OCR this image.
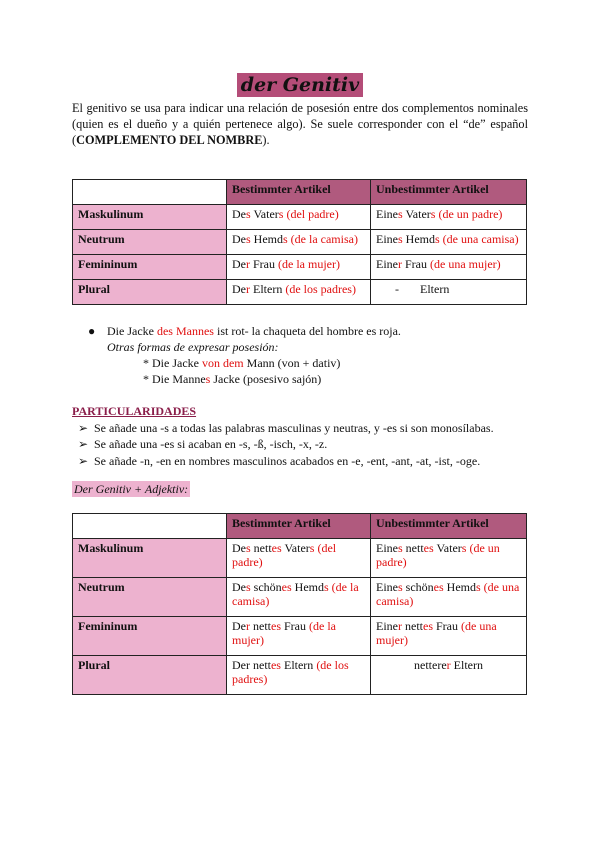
der Genitiv
El genitivo se usa para indicar una relación de posesión entre dos complementos nominales (quien es el dueño y a quién pertenece algo). Se suele corresponder con el “de” español (COMPLEMENTO DEL NOMBRE).
	Bestimmter Artikel	Unbestimmter Artikel
Maskulinum	Des Vaters (del padre)	Eines Vaters (de un padre)
Neutrum	Des Hemds (de la camisa)	Eines Hemds (de una camisa)
Femininum	Der Frau (de la mujer)	Einer Frau (de una mujer)
Plural	Der Eltern (de los padres)	-       Eltern
● Die Jacke des Mannes ist rot- la chaqueta del hombre es roja.
Otras formas de expresar posesión:
* Die Jacke von dem Mann (von + dativ)
* Die Mannes Jacke (posesivo sajón)
PARTICULARIDADES
➢ Se añade una -s a todas las palabras masculinas y neutras, y -es si son monosílabas.
➢ Se añade una -es si acaban en -s, -ß, -isch, -x, -z.
➢ Se añade -n, -en en nombres masculinos acabados en -e, -ent, -ant, -at, -ist, -oge.
Der Genitiv + Adjektiv:
	Bestimmter Artikel	Unbestimmter Artikel
Maskulinum	Des nettes Vaters (del padre)	Eines nettes Vaters (de un padre)
Neutrum	Des schönes Hemds (de la camisa)	Eines schönes Hemds (de una camisa)
Femininum	Der nettes Frau (de la mujer)	Einer nettes Frau (de una mujer)
Plural	Der nettes Eltern (de los padres)	netterer Eltern
